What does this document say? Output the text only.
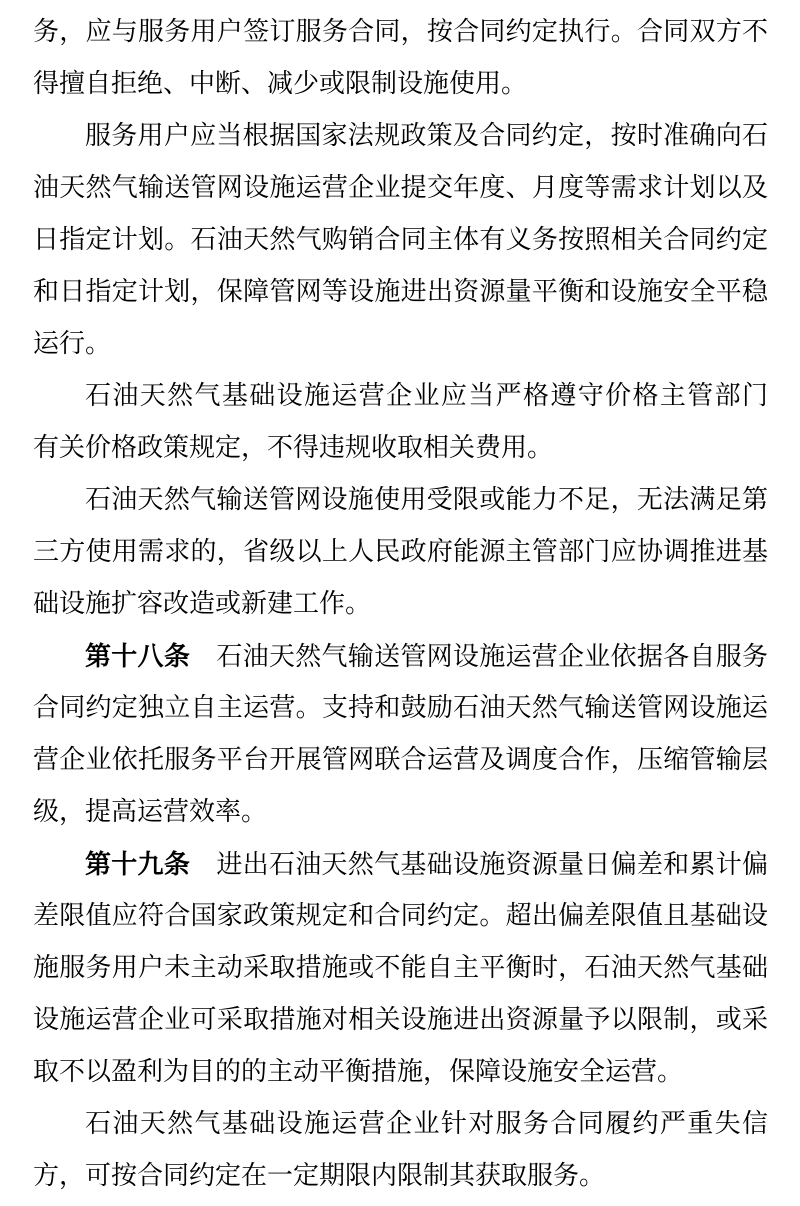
务，应与服务用户签订服务合同，按合同约定执行。合同双方不
得擅自拒绝、中断、减少或限制设施使用。
服务用户应当根据国家法规政策及合同约定，按时准确向石
油天然气输送管网设施运营企业提交年度、月度等需求计划以及
日指定计划。石油天然气购销合同主体有义务按照相关合同约定
和日指定计划，保障管网等设施进出资源量平衡和设施安全平稳
运行。
石油天然气基础设施运营企业应当严格遵守价格主管部门
有关价格政策规定，不得违规收取相关费用。
石油天然气输送管网设施使用受限或能力不足，无法满足第
三方使用需求的，省级以上人民政府能源主管部门应协调推进基
础设施扩容改造或新建工作。
第十八条　石油天然气输送管网设施运营企业依据各自服务
合同约定独立自主运营。支持和鼓励石油天然气输送管网设施运
营企业依托服务平台开展管网联合运营及调度合作，压缩管输层
级，提高运营效率。
第十九条　进出石油天然气基础设施资源量日偏差和累计偏
差限值应符合国家政策规定和合同约定。超出偏差限值且基础设
施服务用户未主动采取措施或不能自主平衡时，石油天然气基础
设施运营企业可采取措施对相关设施进出资源量予以限制，或采
取不以盈利为目的的主动平衡措施，保障设施安全运营。
石油天然气基础设施运营企业针对服务合同履约严重失信
方，可按合同约定在一定期限内限制其获取服务。
